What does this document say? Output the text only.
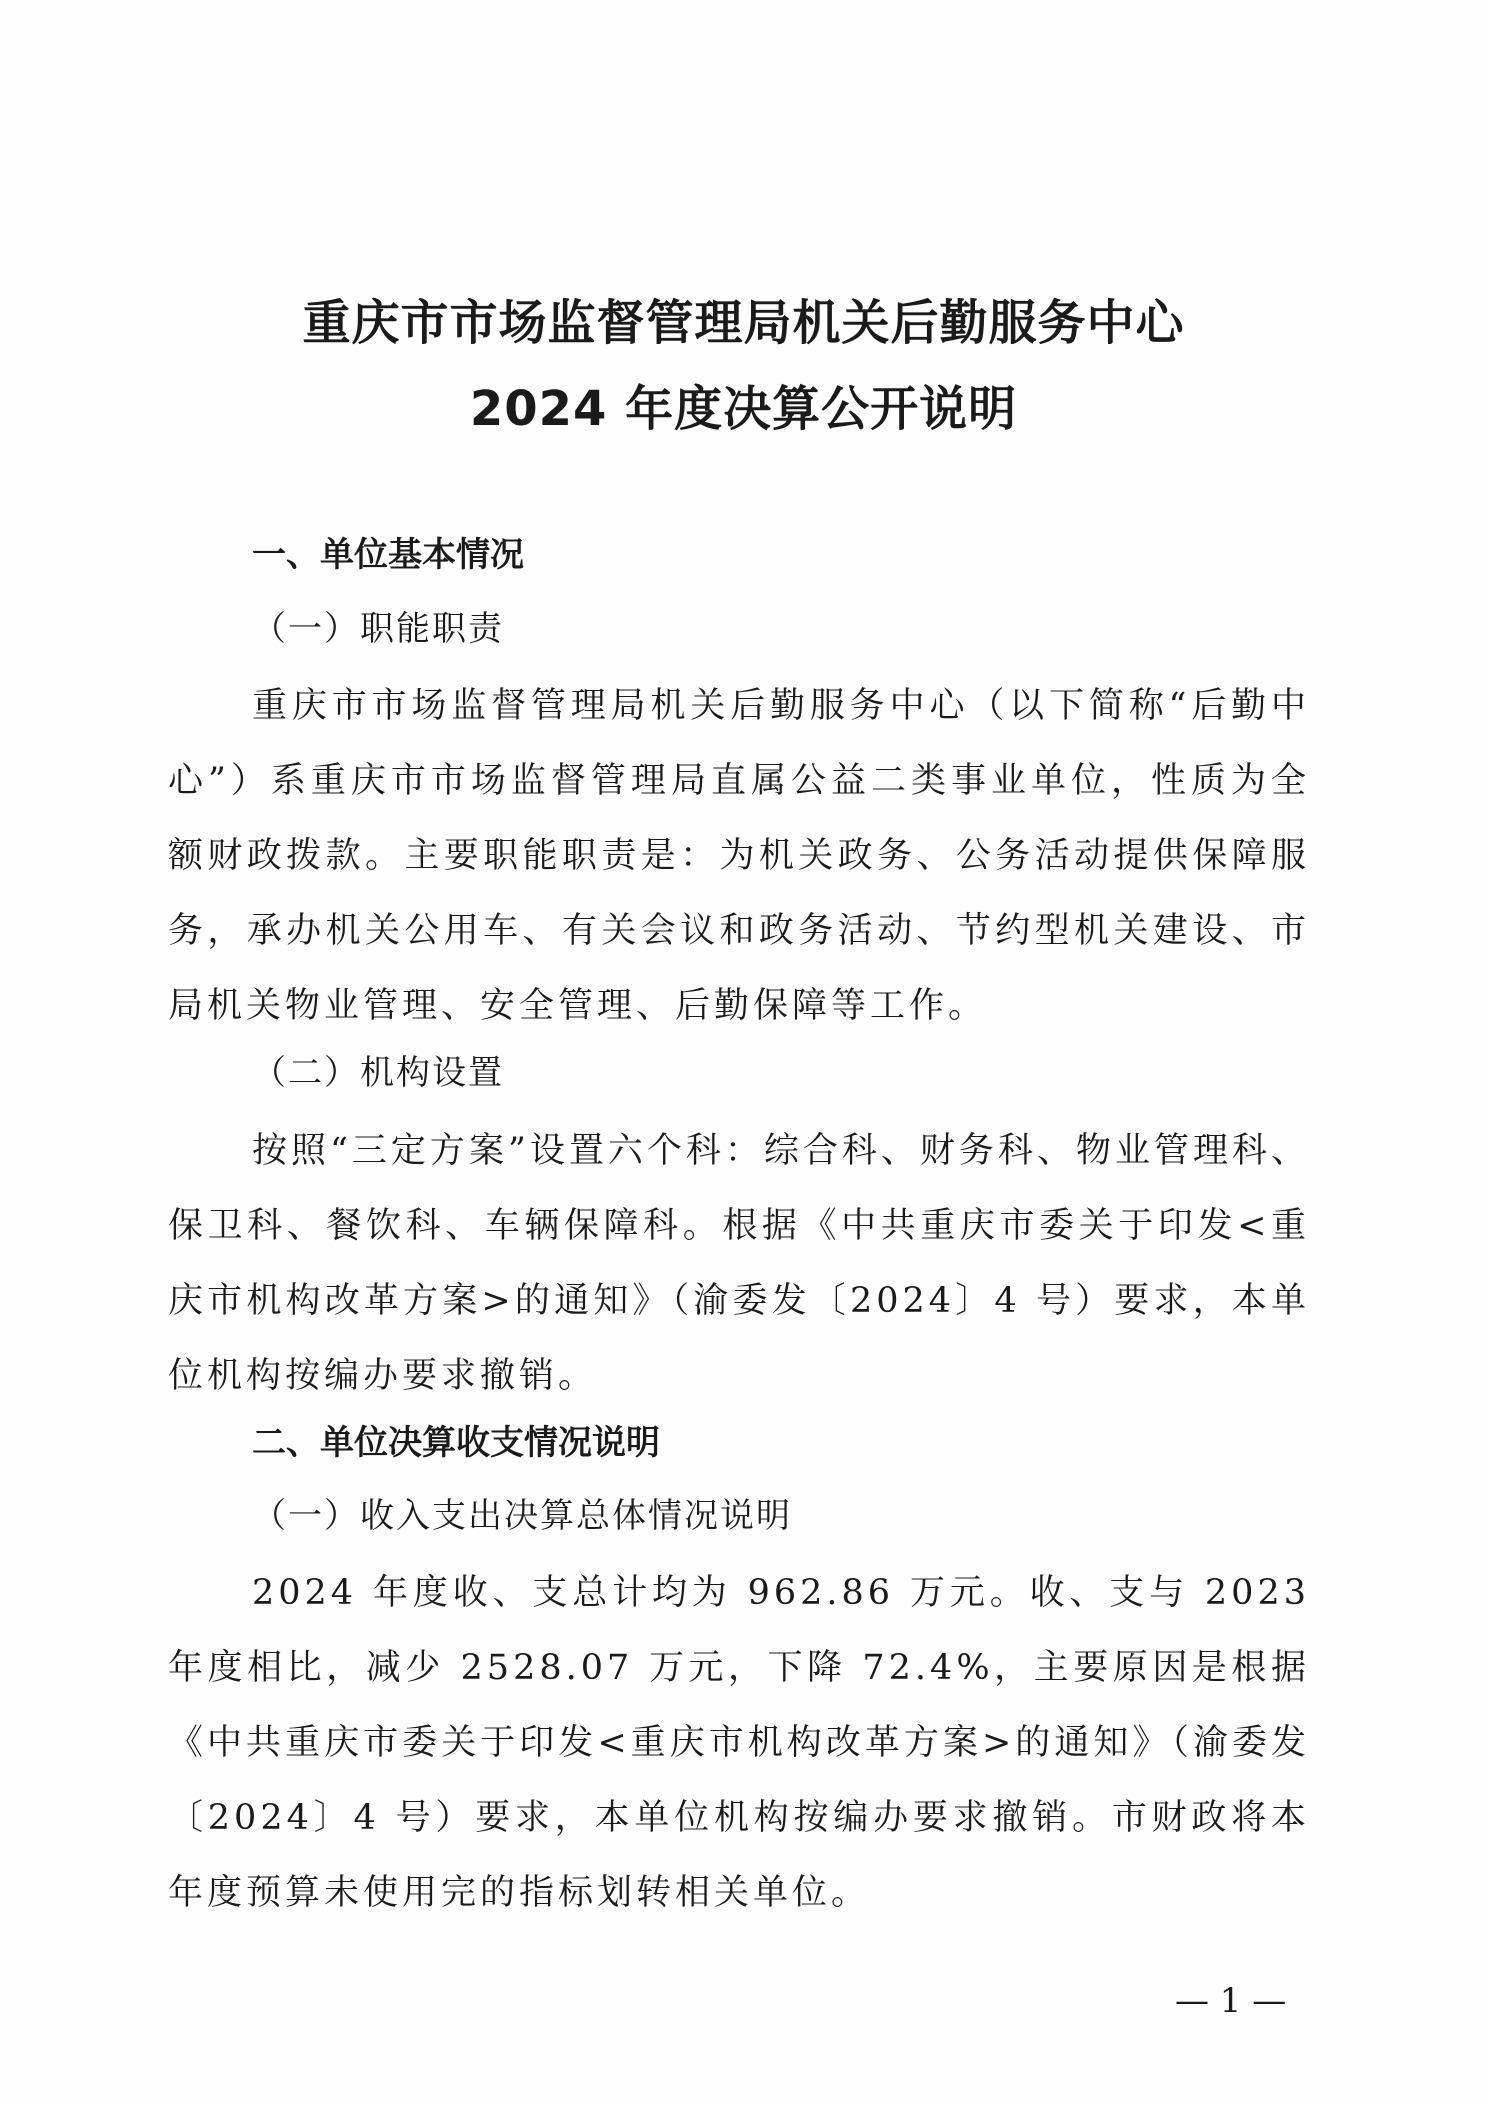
重庆市市场监督管理局机关后勤服务中心
2024 年度决算公开说明
一、单位基本情况
（一）职能职责
重庆市市场监督管理局机关后勤服务中心（以下简称“后勤中心”）系重庆市市场监督管理局直属公益二类事业单位，性质为全额财政拨款。主要职能职责是：为机关政务、公务活动提供保障服务，承办机关公用车、有关会议和政务活动、节约型机关建设、市局机关物业管理、安全管理、后勤保障等工作。
（二）机构设置
按照“三定方案”设置六个科：综合科、财务科、物业管理科、保卫科、餐饮科、车辆保障科。根据《中共重庆市委关于印发<重庆市机构改革方案>的通知》（渝委发〔2024〕4 号）要求，本单位机构按编办要求撤销。
二、单位决算收支情况说明
（一）收入支出决算总体情况说明
2024 年度收、支总计均为 962.86 万元。收、支与 2023 年度相比，减少 2528.07 万元，下降 72.4%，主要原因是根据《中共重庆市委关于印发<重庆市机构改革方案>的通知》（渝委发〔2024〕4 号）要求，本单位机构按编办要求撤销。市财政将本年度预算未使用完的指标划转相关单位。
— 1 —
